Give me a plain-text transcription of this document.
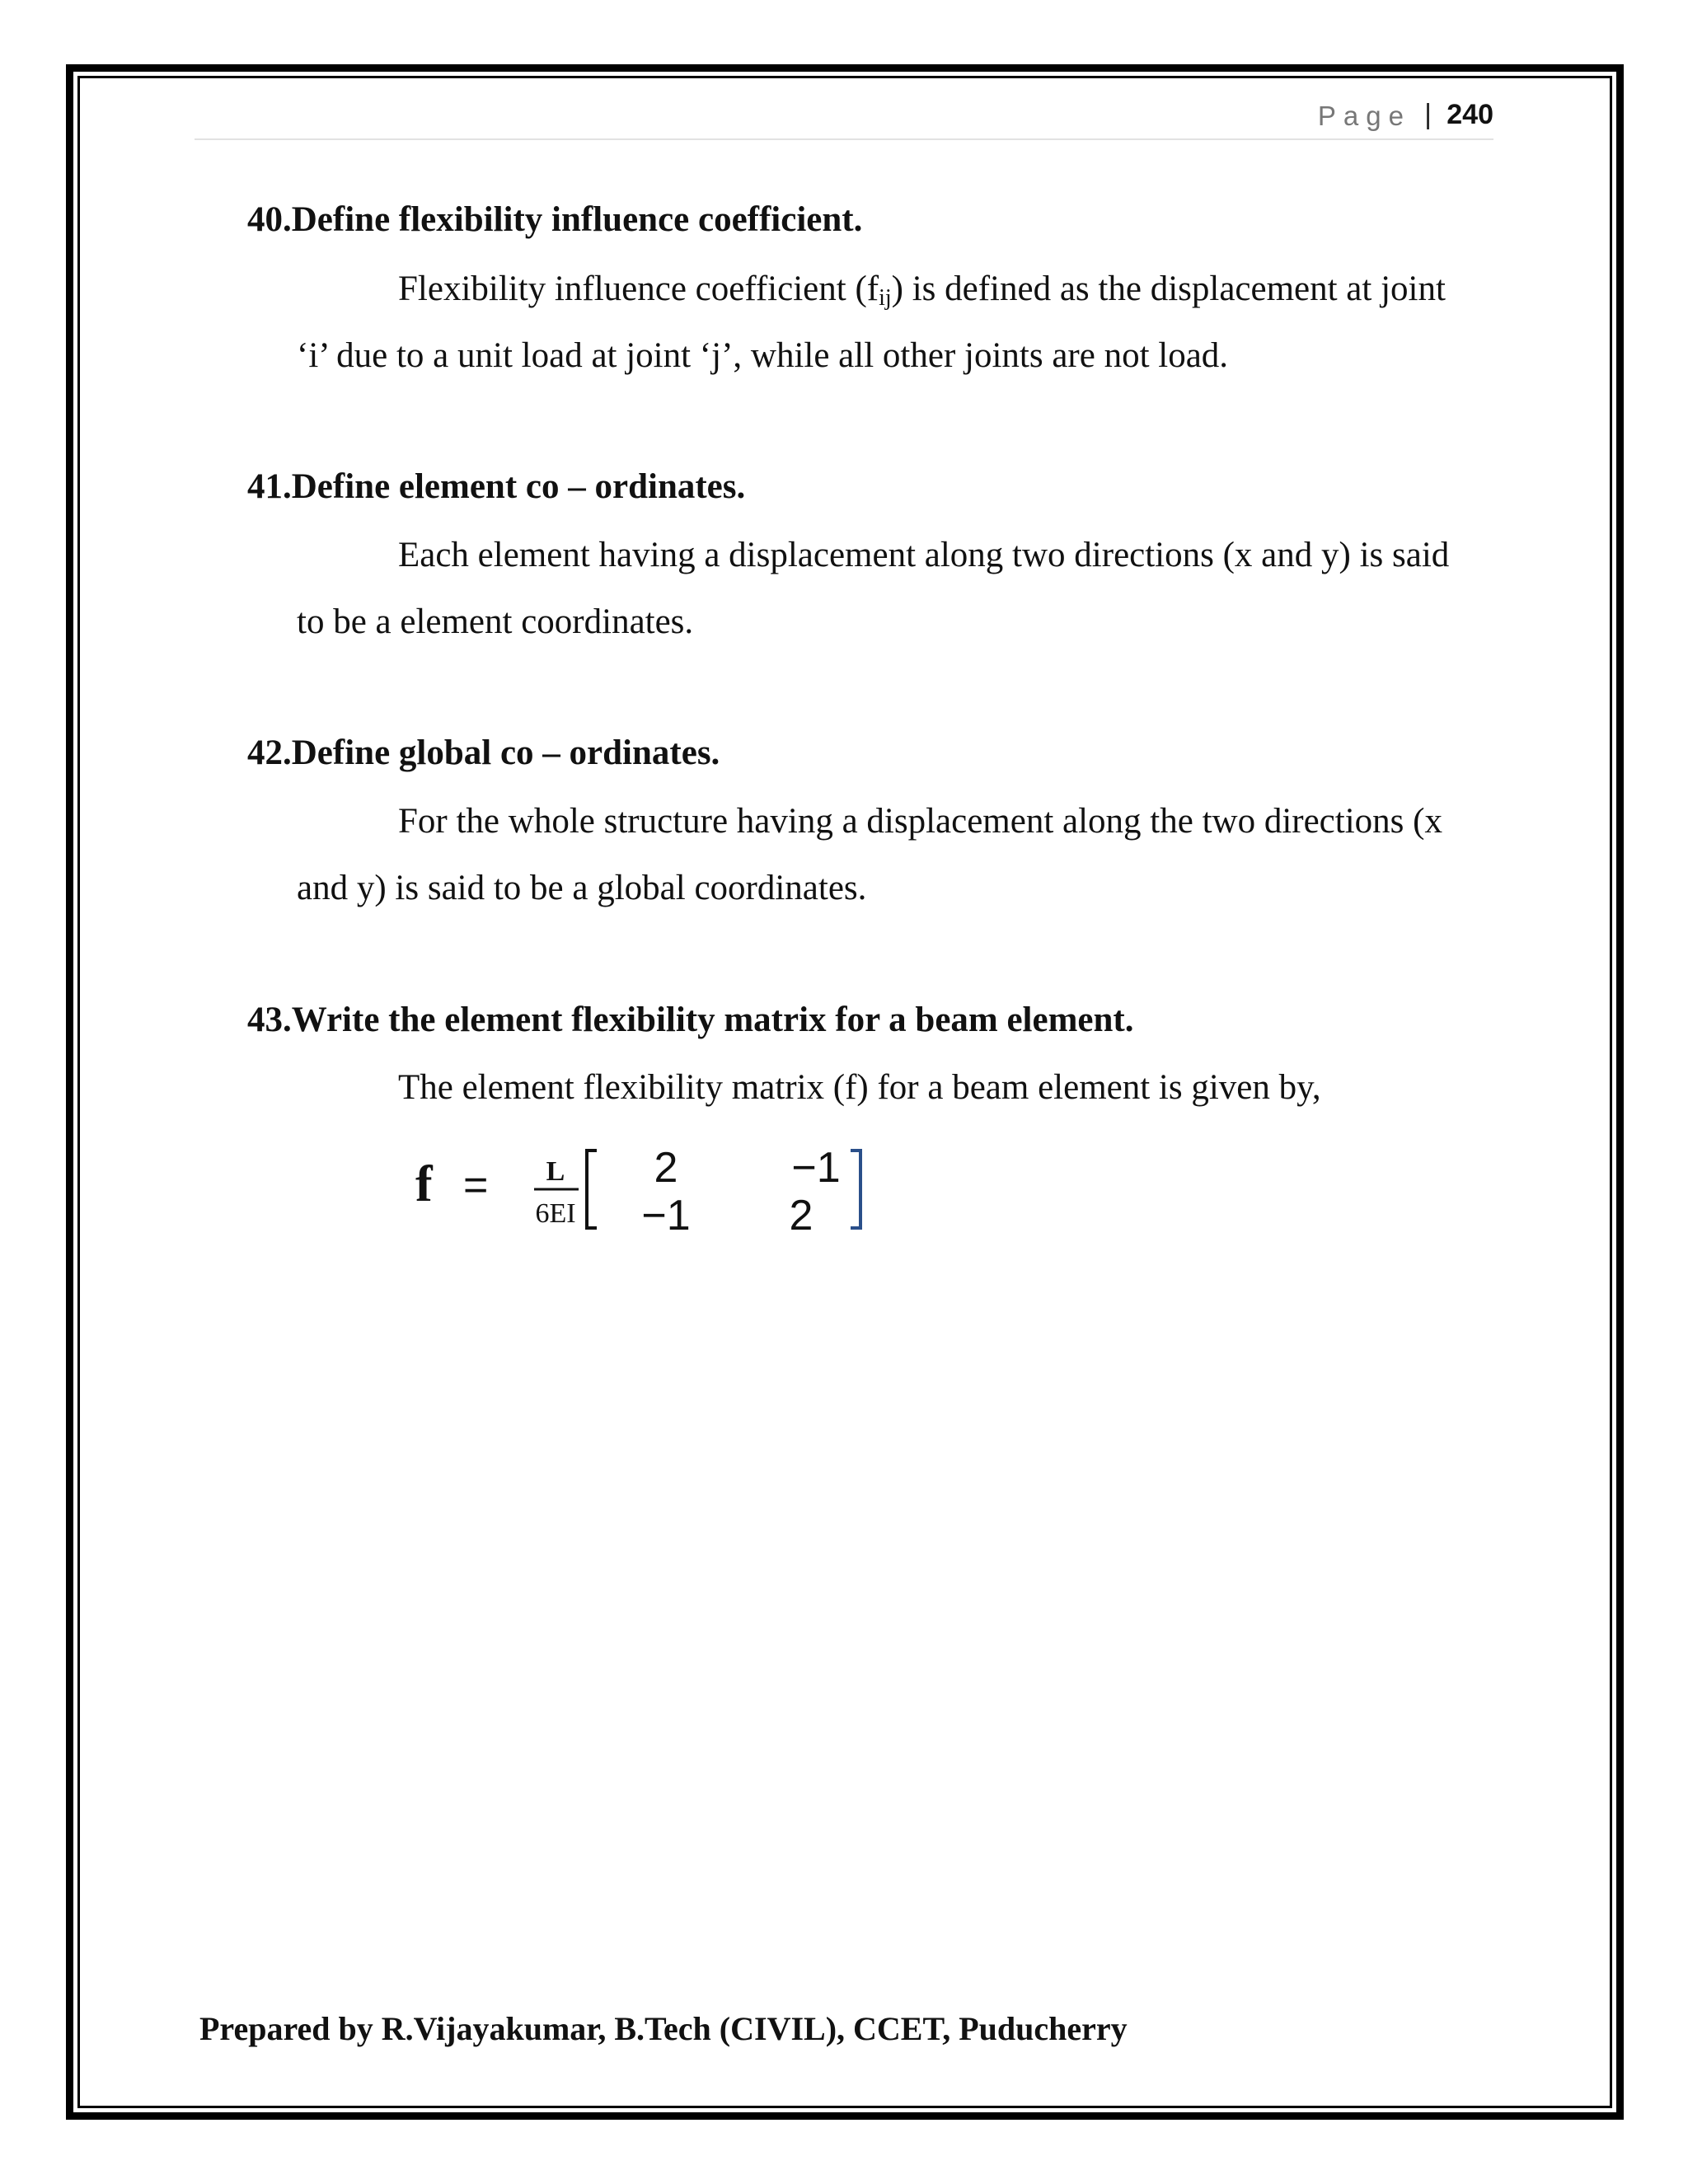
Page | 240
40.Define flexibility influence coefficient.

Flexibility influence coefficient $(f_{ij})$ is defined as the displacement at joint ‘i’ due to a unit load at joint ‘j’, while all other joints are not load.

41.Define element co – ordinates.

Each element having a displacement along two directions (x and y) is said to be a element coordinates.

42.Define global co – ordinates.

For the whole structure having a displacement along the two directions (x and y) is said to be a global coordinates.

43.Write the element flexibility matrix for a beam element.

The element flexibility matrix (f) for a beam element is given by,

f = L
6EI
2	−1
−1 2
Prepared by R.Vijayakumar, B.Tech (CIVIL), CCET, Puducherry
